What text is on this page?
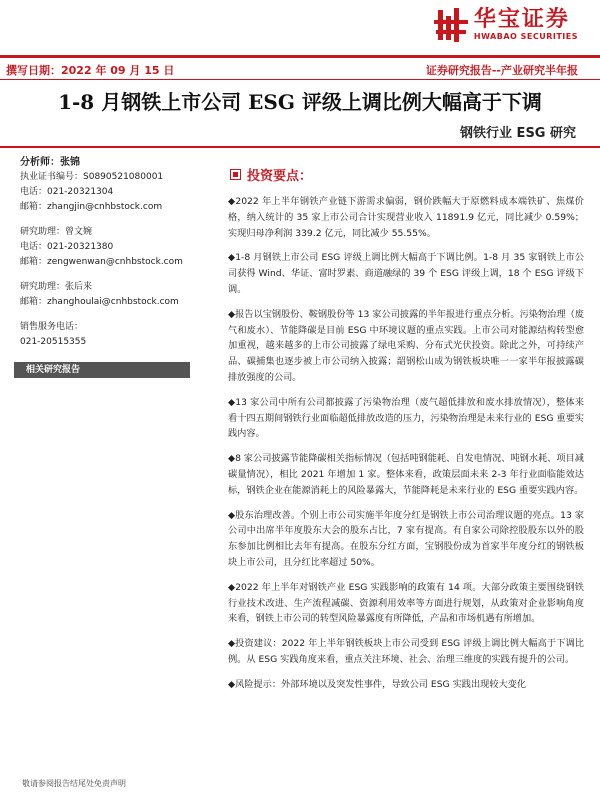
华宝证券
HWABAO SECURITIES
撰写日期：2022 年 09 月 15 日	证券研究报告--产业研究半年报
1-8 月钢铁上市公司 ESG 评级上调比例大幅高于下调
钢铁行业 ESG 研究
分析师：张锦
执业证书编号：S0890521080001
电话：021-20321304
邮箱：zhangjin@cnhbstock.com
研究助理：曾文婉
电话：021-20321380
邮箱：zengwenwan@cnhbstock.com
研究助理：张后来
邮箱：zhanghoulai@cnhbstock.com
销售服务电话：
021-20515355
相关研究报告
投资要点：

◆2022 年上半年钢铁产业链下游需求偏弱，钢价跌幅大于原燃料成本端铁矿、焦煤价格，纳入统计的 35 家上市公司合计实现营业收入 11891.9 亿元，同比减少 0.59%；实现归母净利润 339.2 亿元，同比减少 55.55%。

◆1-8 月钢铁上市公司 ESG 评级上调比例大幅高于下调比例。1-8 月 35 家钢铁上市公司获得 Wind、华证、富时罗素、商道融绿的 39 个 ESG 评级上调，18 个 ESG 评级下调。

◆报告以宝钢股份、鞍钢股份等 13 家公司披露的半年报进行重点分析。污染物治理（废气和废水）、节能降碳是目前 ESG 中环境议题的重点实践。上市公司对能源结构转型愈加重视，越来越多的上市公司披露了绿电采购、分布式光伏投资。除此之外，可持续产品、碳捕集也逐步被上市公司纳入披露；韶钢松山成为钢铁板块唯一一家半年报披露碳排放强度的公司。

◆13 家公司中所有公司都披露了污染物治理（废气超低排放和废水排放情况），整体来看十四五期间钢铁行业面临超低排放改造的压力，污染物治理是未来行业的 ESG 重要实践内容。

◆8 家公司披露节能降碳相关指标情况（包括吨钢能耗、自发电情况、吨钢水耗、项目减碳量情况），相比 2021 年增加 1 家。整体来看，政策层面未来 2-3 年行业面临能效达标，钢铁企业在能源消耗上的风险暴露大，节能降耗是未来行业的 ESG 重要实践内容。

◆股东治理改善。个别上市公司实施半年度分红是钢铁上市公司治理议题的亮点。13 家公司中出席半年度股东大会的股东占比，7 家有提高。有自家公司除控股股东以外的股东参加比例相比去年有提高。在股东分红方面，宝钢股份成为首家半年度分红的钢铁板块上市公司，且分红比率超过 50%。

◆2022 年上半年对钢铁产业 ESG 实践影响的政策有 14 项。大部分政策主要围绕钢铁行业技术改进、生产流程减碳、资源利用效率等方面进行规划，从政策对企业影响角度来看，钢铁上市公司的转型风险暴露度有所降低，产品和市场机遇有所增加。

◆投资建议：2022 年上半年钢铁板块上市公司受到 ESG 评级上调比例大幅高于下调比例。从 ESG 实践角度来看，重点关注环境、社会、治理三维度的实践有提升的公司。

◆风险提示：外部环境以及突发性事件，导致公司 ESG 实践出现较大变化

敬请参阅报告结尾处免责声明
